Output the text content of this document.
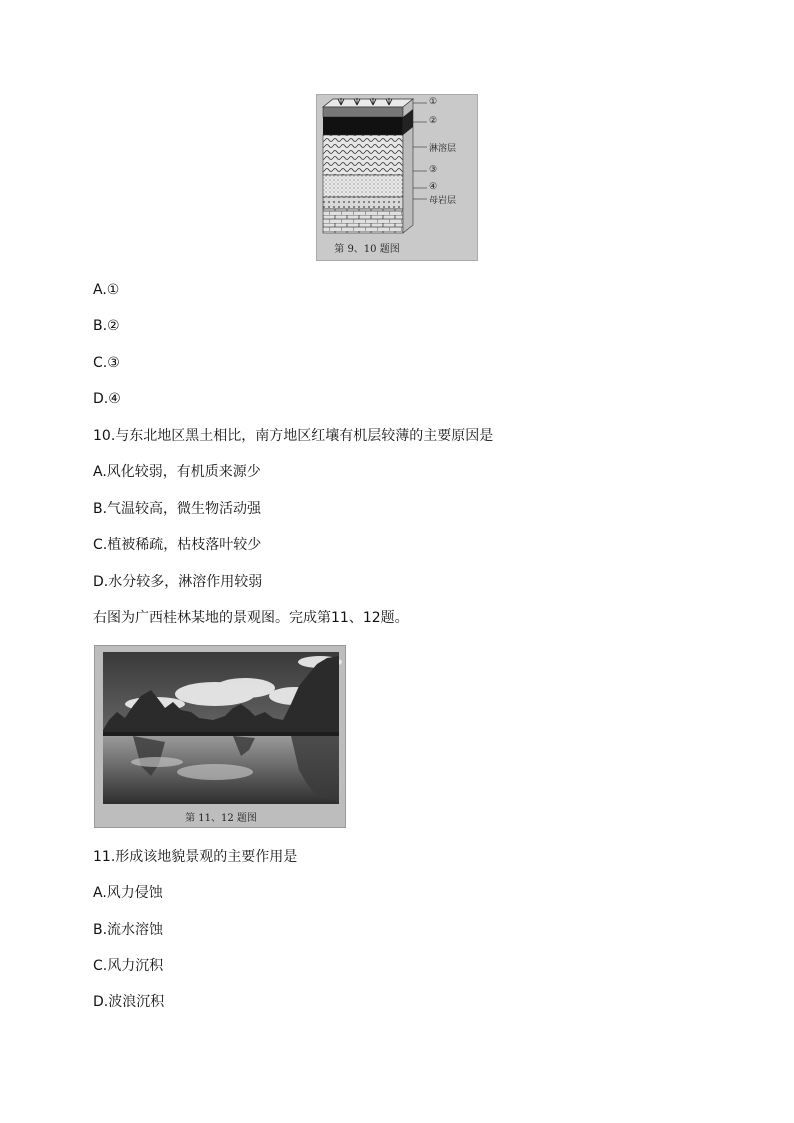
①
②
淋溶层
③
④
母岩层
第 9、10 题图
A.①
B.②
C.③
D.④
10.与东北地区黑土相比，南方地区红壤有机层较薄的主要原因是
A.风化较弱，有机质来源少
B.气温较高，微生物活动强
C.植被稀疏，枯枝落叶较少
D.水分较多，淋溶作用较弱
右图为广西桂林某地的景观图。完成第11、12题。
第 11、12 题图
11.形成该地貌景观的主要作用是
A.风力侵蚀
B.流水溶蚀
C.风力沉积
D.波浪沉积
